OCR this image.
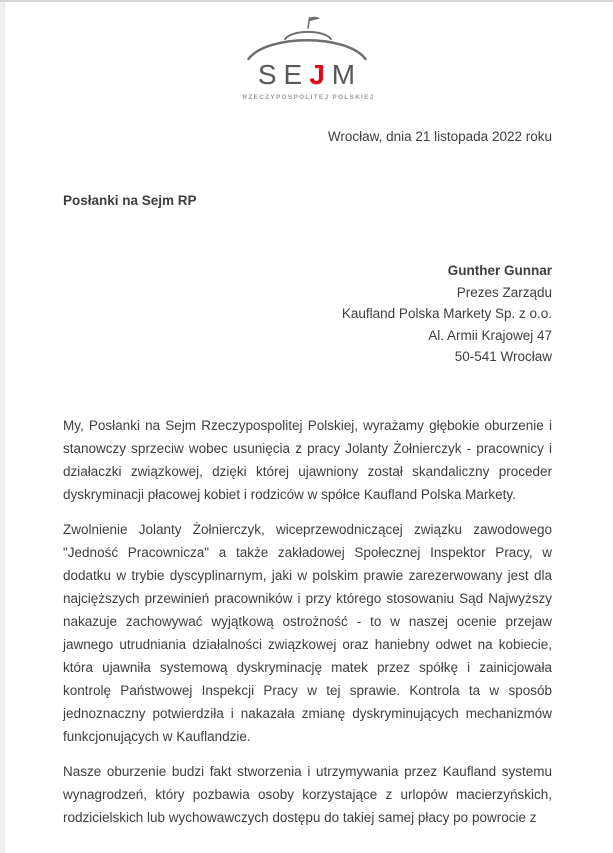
SEJM
RZECZYPOSPOLITEJ POLSKIEJ
Wrocław, dnia 21 listopada 2022 roku
Posłanki na Sejm RP
Gunther Gunnar
Prezes Zarządu
Kaufland Polska Markety Sp. z o.o.
Al. Armii Krajowej 47
50-541 Wrocław

My, Posłanki na Sejm Rzeczypospolitej Polskiej, wyrażamy głębokie oburzenie i stanowczy sprzeciw wobec usunięcia z pracy Jolanty Żołnierczyk - pracownicy i działaczki związkowej, dzięki której ujawniony został skandaliczny proceder dyskryminacji płacowej kobiet i rodziców w spółce Kaufland Polska Markety.

Zwolnienie Jolanty Żołnierczyk, wiceprzewodniczącej związku zawodowego "Jedność Pracownicza" a także zakładowej Społecznej Inspektor Pracy, w dodatku w trybie dyscyplinarnym, jaki w polskim prawie zarezerwowany jest dla najcięższych przewinień pracowników i przy którego stosowaniu Sąd Najwyższy nakazuje zachowywać wyjątkową ostrożność - to w naszej ocenie przejaw jawnego utrudniania działalności związkowej oraz haniebny odwet na kobiecie, która ujawniła systemową dyskryminację matek przez spółkę i zainicjowała kontrolę Państwowej Inspekcji Pracy w tej sprawie. Kontrola ta w sposób jednoznaczny potwierdziła i nakazała zmianę dyskryminujących mechanizmów funkcjonujących w Kauflandzie.

Nasze oburzenie budzi fakt stworzenia i utrzymywania przez Kaufland systemu wynagrodzeń, który pozbawia osoby korzystające z urlopów macierzyńskich, rodzicielskich lub wychowawczych dostępu do takiej samej płacy po powrocie z
